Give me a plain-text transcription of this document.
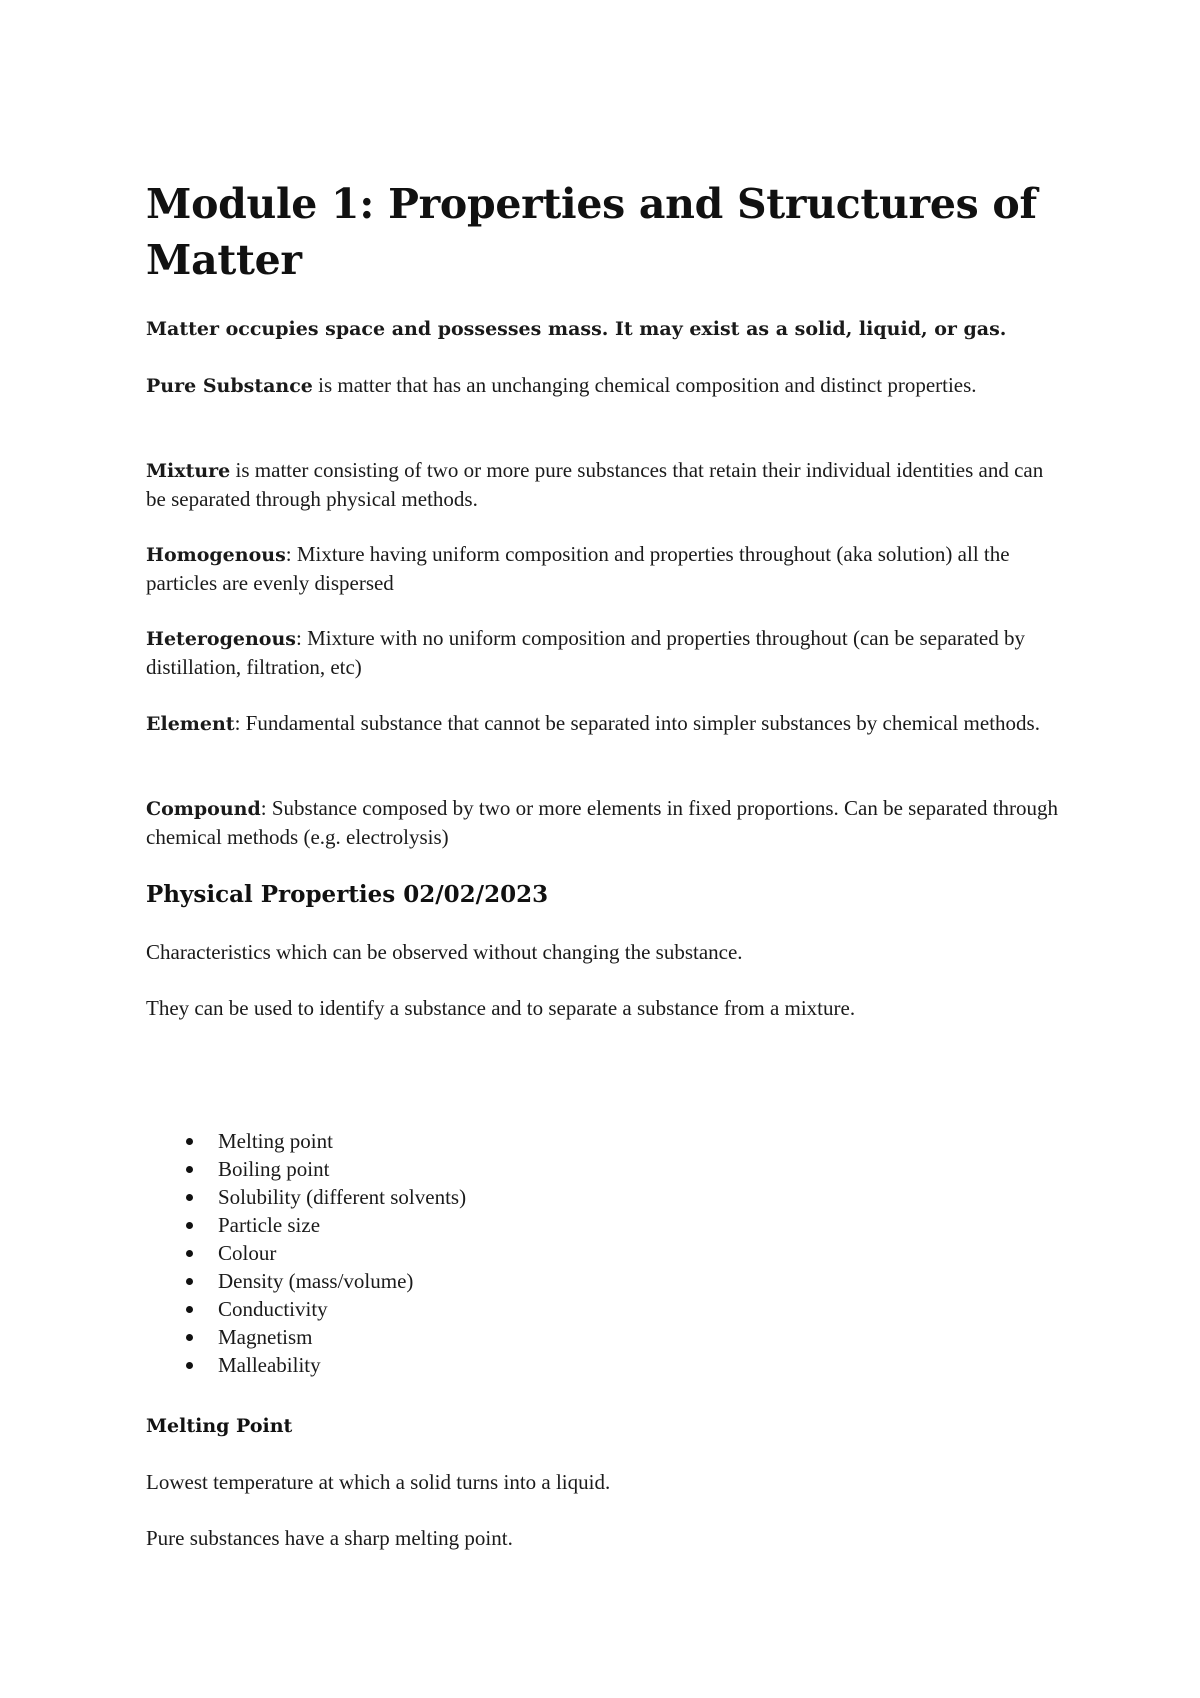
Module 1: Properties and Structures of Matter

Matter occupies space and possesses mass. It may exist as a solid, liquid, or gas.

Pure Substance is matter that has an unchanging chemical composition and distinct properties.

Mixture is matter consisting of two or more pure substances that retain their individual identities and can be separated through physical methods.

Homogenous: Mixture having uniform composition and properties throughout (aka solution) all the particles are evenly dispersed

Heterogenous: Mixture with no uniform composition and properties throughout (can be separated by distillation, filtration, etc)

Element: Fundamental substance that cannot be separated into simpler substances by chemical methods.

Compound: Substance composed by two or more elements in fixed proportions. Can be separated through chemical methods (e.g. electrolysis)

Physical Properties 02/02/2023

Characteristics which can be observed without changing the substance.

They can be used to identify a substance and to separate a substance from a mixture.

Melting point
Boiling point
Solubility (different solvents)
Particle size
Colour
Density (mass/volume)
Conductivity
Magnetism
Malleability
Melting Point

Lowest temperature at which a solid turns into a liquid.

Pure substances have a sharp melting point.
